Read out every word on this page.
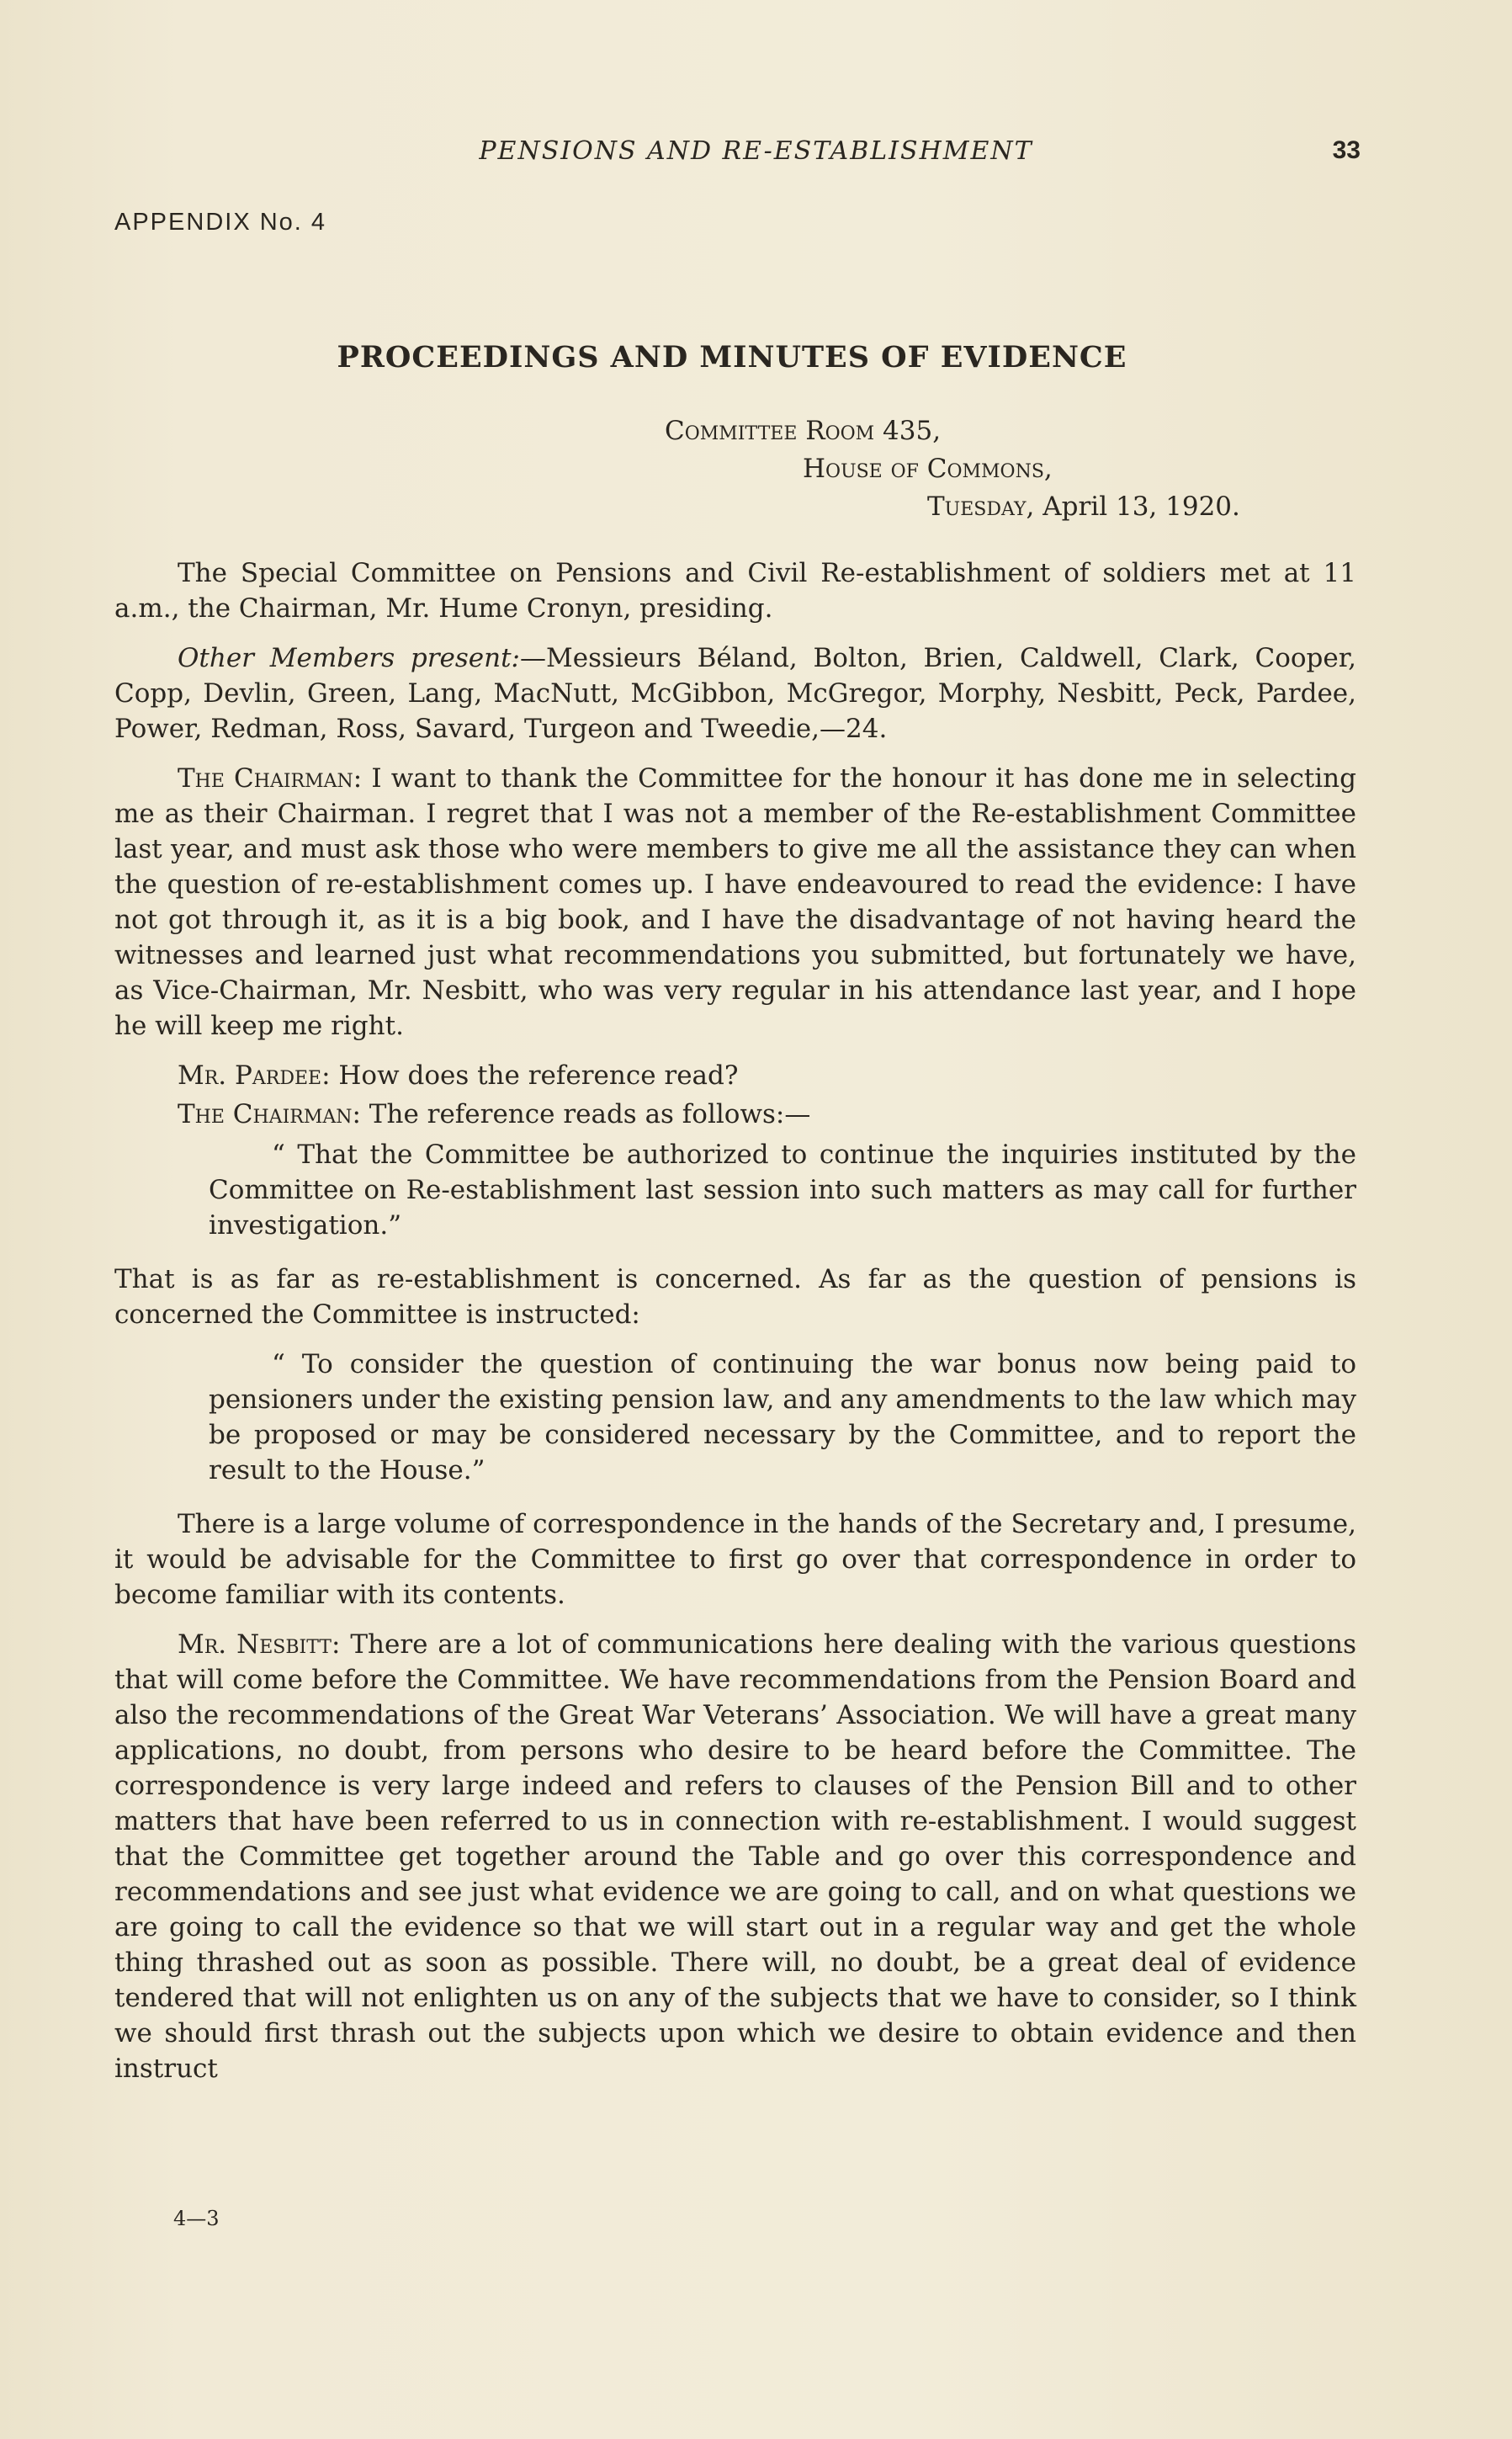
PENSIONS AND RE-ESTABLISHMENT	33
APPENDIX No. 4
PROCEEDINGS AND MINUTES OF EVIDENCE
Committee Room 435,
House of Commons,
Tuesday, April 13, 1920.

The Special Committee on Pensions and Civil Re-establishment of soldiers met at 11 a.m., the Chairman, Mr. Hume Cronyn, presiding.

Other Members present:—Messieurs Béland, Bolton, Brien, Caldwell, Clark, Cooper, Copp, Devlin, Green, Lang, MacNutt, McGibbon, McGregor, Morphy, Nesbitt, Peck, Pardee, Power, Redman, Ross, Savard, Turgeon and Tweedie,—24.

The Chairman: I want to thank the Committee for the honour it has done me in selecting me as their Chairman. I regret that I was not a member of the Re-establishment Committee last year, and must ask those who were members to give me all the assistance they can when the question of re-establishment comes up. I have endeavoured to read the evidence: I have not got through it, as it is a big book, and I have the disadvantage of not having heard the witnesses and learned just what recommendations you submitted, but fortunately we have, as Vice-Chairman, Mr. Nesbitt, who was very regular in his attendance last year, and I hope he will keep me right.

Mr. Pardee: How does the reference read?

The Chairman: The reference reads as follows:—

“ That the Committee be authorized to continue the inquiries instituted by the Committee on Re-establishment last session into such matters as may call for further investigation.”

That is as far as re-establishment is concerned. As far as the question of pensions is concerned the Committee is instructed:

“ To consider the question of continuing the war bonus now being paid to pensioners under the existing pension law, and any amendments to the law which may be proposed or may be considered necessary by the Committee, and to report the result to the House.”

There is a large volume of correspondence in the hands of the Secretary and, I presume, it would be advisable for the Committee to first go over that correspondence in order to become familiar with its contents.

Mr. Nesbitt: There are a lot of communications here dealing with the various questions that will come before the Committee. We have recommendations from the Pension Board and also the recommendations of the Great War Veterans’ Association. We will have a great many applications, no doubt, from persons who desire to be heard before the Committee. The correspondence is very large indeed and refers to clauses of the Pension Bill and to other matters that have been referred to us in connection with re-establishment. I would suggest that the Committee get together around the Table and go over this correspondence and recommendations and see just what evidence we are going to call, and on what questions we are going to call the evidence so that we will start out in a regular way and get the whole thing thrashed out as soon as possible. There will, no doubt, be a great deal of evidence tendered that will not enlighten us on any of the subjects that we have to consider, so I think we should first thrash out the subjects upon which we desire to obtain evidence and then instruct

4—3
